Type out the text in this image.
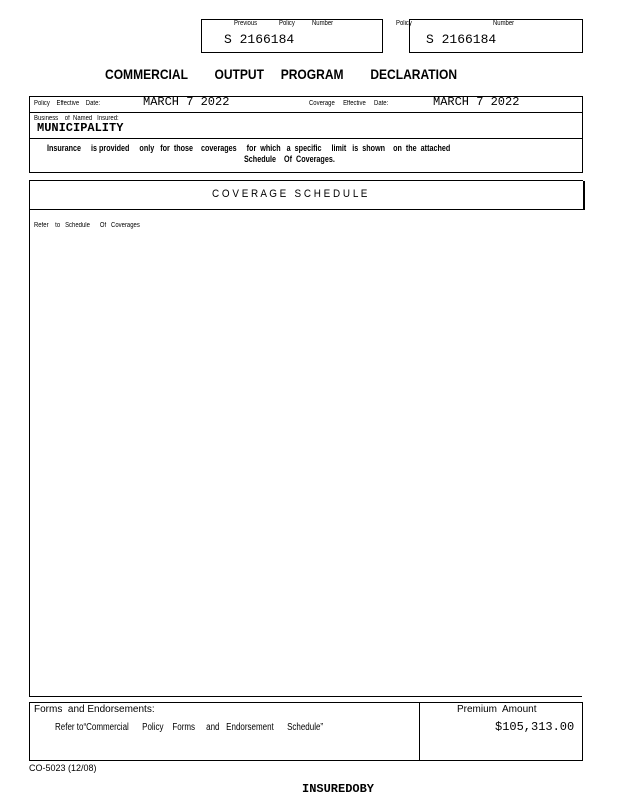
Previous	Policy Number
S 2166184
Policy	Number
S 2166184
COMMERCIAL        OUTPUT     PROGRAM        DECLARATION
Policy    Effective    Date:	MARCH 7 2022	Coverage     Effective     Date:	MARCH 7 2022
Business    of  Named   Insured:
MUNICIPALITY
Insurance     is provided     only   for  those    coverages     for  which   a  specific     limit   is  shown    on  the  attached
Schedule    Of  Coverages.
C O V E R A G E   S C H E D U L E
Refer    to   Schedule      Of   Coverages
Forms  and Endorsements:
Refer to“Commercial      Policy    Forms     and   Endorsement      Schedule”
Premium  Amount
$105,313.00
CO-5023 (12/08)
INSUREDOBY
